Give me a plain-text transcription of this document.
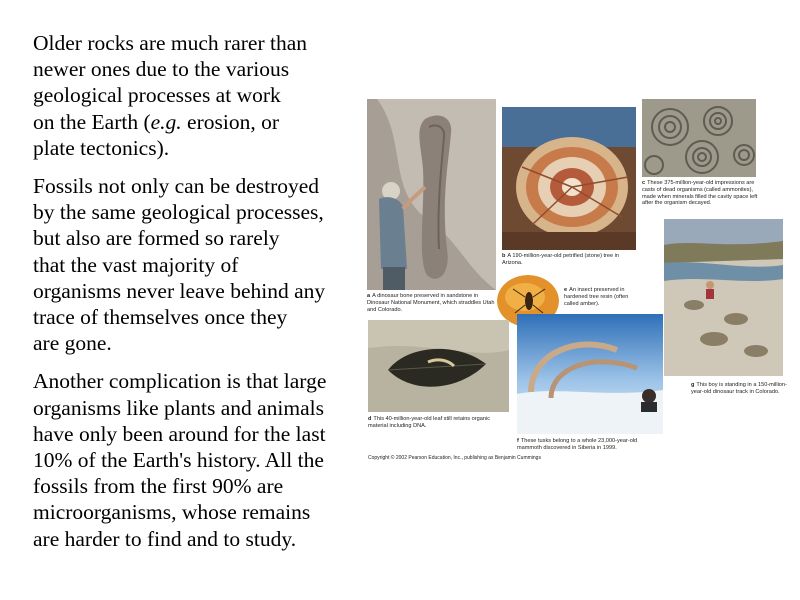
Older rocks are much rarer than
newer ones due to the various
geological processes at work
on the Earth (e.g. erosion, or
plate tectonics).

Fossils not only can be destroyed
by the same geological processes,
but also are formed so rarely
that the vast majority of
organisms never leave behind any
trace of themselves once they
are gone.

Another complication is that large
organisms like plants and animals
have only been around for the last
10% of the Earth's history. All the
fossils from the first 90% are
microorganisms, whose remains
are harder to find and to study.

a A dinosaur bone preserved in sandstone in Dinosaur National Monument, which straddles Utah and Colorado.
b A 190-million-year-old petrified (stone) tree in Arizona.
c These 375-million-year-old impressions are casts of dead organisms (called ammonites), made when minerals filled the cavity space left after the organism decayed.
g This boy is standing in a 150-million-year-old dinosaur track in Colorado.
e An insect preserved in hardened tree resin (often called amber).
d This 40-million-year-old leaf still retains organic material including DNA.
f These tusks belong to a whole 23,000-year-old mammoth discovered in Siberia in 1999.
Copyright © 2002 Pearson Education, Inc., publishing as Benjamin Cummings
